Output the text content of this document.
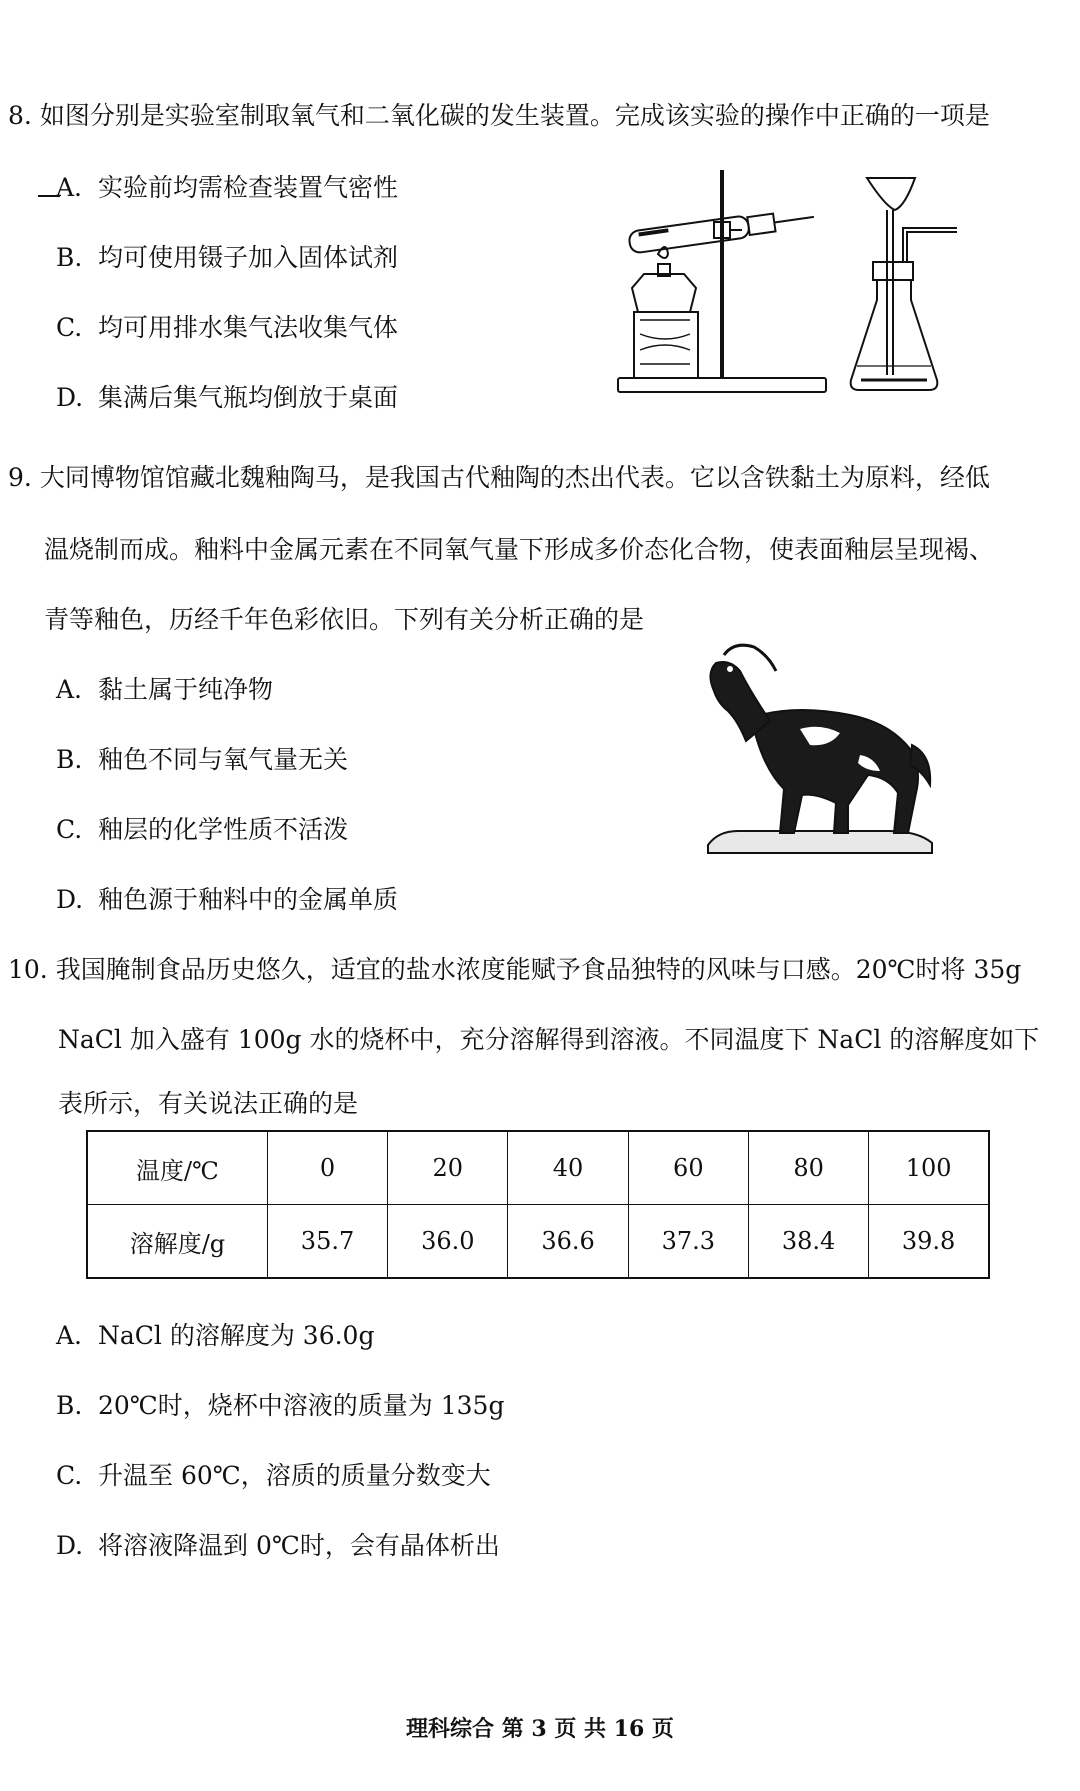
8. 如图分别是实验室制取氧气和二氧化碳的发生装置。完成该实验的操作中正确的一项是
A. 实验前均需检查装置气密性
B. 均可使用镊子加入固体试剂
C. 均可用排水集气法收集气体
D. 集满后集气瓶均倒放于桌面
9. 大同博物馆馆藏北魏釉陶马，是我国古代釉陶的杰出代表。它以含铁黏土为原料，经低
温烧制而成。釉料中金属元素在不同氧气量下形成多价态化合物，使表面釉层呈现褐、
青等釉色，历经千年色彩依旧。下列有关分析正确的是
A. 黏土属于纯净物
B. 釉色不同与氧气量无关
C. 釉层的化学性质不活泼
D. 釉色源于釉料中的金属单质
10. 我国腌制食品历史悠久，适宜的盐水浓度能赋予食品独特的风味与口感。20℃时将 35g
NaCl 加入盛有 100g 水的烧杯中，充分溶解得到溶液。不同温度下 NaCl 的溶解度如下
表所示，有关说法正确的是
温度/℃	0	20	40	60	80	100
溶解度/g	35.7	36.0	36.6	37.3	38.4	39.8
A. NaCl 的溶解度为 36.0g
B. 20℃时，烧杯中溶液的质量为 135g
C. 升温至 60℃，溶质的质量分数变大
D. 将溶液降温到 0℃时，会有晶体析出
理科综合 第 3 页 共 16 页
